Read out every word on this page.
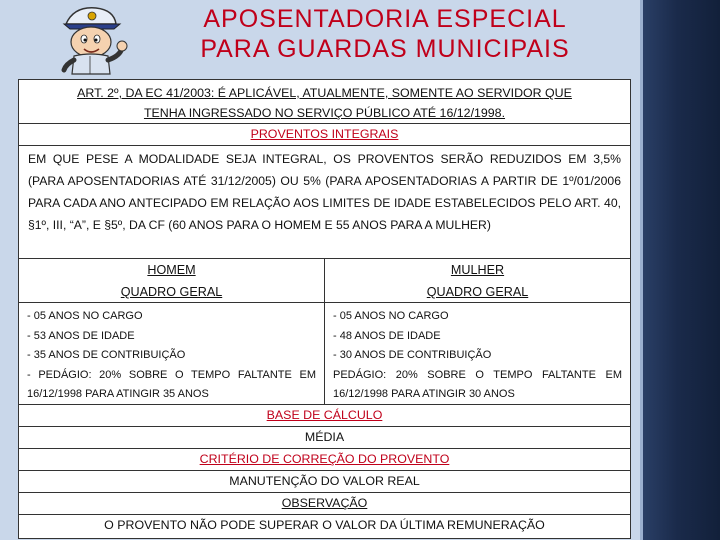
APOSENTADORIA ESPECIAL
PARA GUARDAS MUNICIPAIS
ART. 2º, DA EC 41/2003: É APLICÁVEL, ATUALMENTE, SOMENTE AO SERVIDOR QUE
TENHA INGRESSADO NO SERVIÇO PÚBLICO ATÉ 16/12/1998.
PROVENTOS INTEGRAIS
EM QUE PESE A MODALIDADE SEJA INTEGRAL, OS PROVENTOS SERÃO REDUZIDOS EM 3,5% (PARA APOSENTADORIAS ATÉ 31/12/2005) OU 5% (PARA APOSENTADORIAS A PARTIR DE 1º/01/2006 PARA CADA ANO ANTECIPADO EM RELAÇÃO AOS LIMITES DE IDADE ESTABELECIDOS PELO ART. 40, §1º, III, “A”, E §5º, DA CF (60 ANOS PARA O HOMEM E 55 ANOS PARA A MULHER)
HOMEM
QUADRO GERAL
- 05 ANOS NO CARGO
- 53 ANOS DE IDADE
- 35 ANOS DE CONTRIBUIÇÃO
- PEDÁGIO: 20% SOBRE O TEMPO FALTANTE EM 16/12/1998 PARA ATINGIR 35 ANOS
MULHER
QUADRO GERAL
- 05 ANOS NO CARGO
- 48 ANOS DE IDADE
- 30 ANOS DE CONTRIBUIÇÃO
PEDÁGIO: 20% SOBRE O TEMPO FALTANTE EM 16/12/1998 PARA ATINGIR 30 ANOS
BASE DE CÁLCULO
MÉDIA
CRITÉRIO DE CORREÇÃO DO PROVENTO
MANUTENÇÃO DO VALOR REAL
OBSERVAÇÃO
O PROVENTO NÃO PODE SUPERAR O VALOR DA ÚLTIMA REMUNERAÇÃO
